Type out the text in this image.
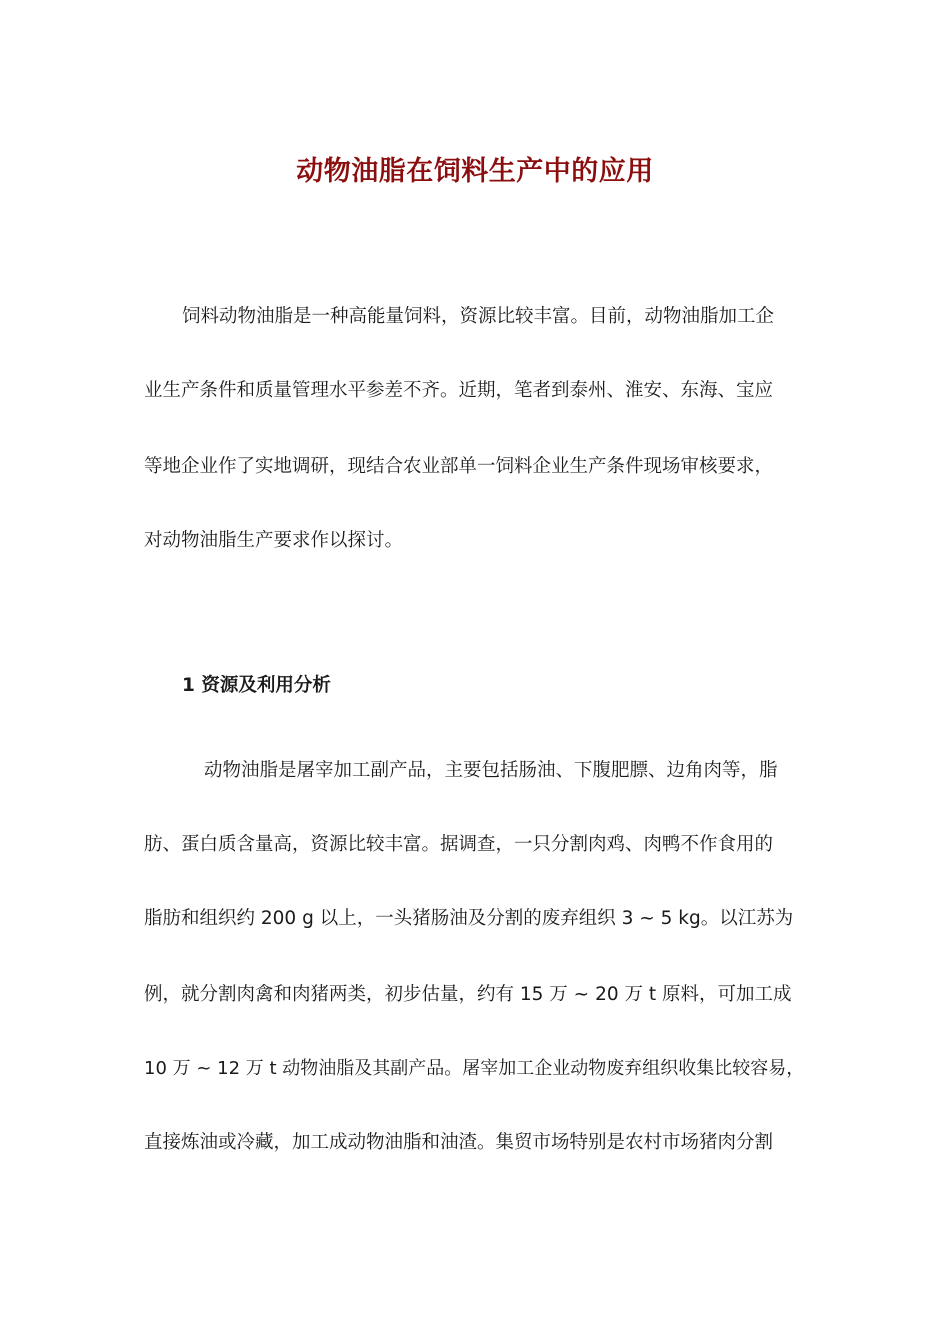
动物油脂在饲料生产中的应用
饲料动物油脂是一种高能量饲料，资源比较丰富。目前，动物油脂加工企
业生产条件和质量管理水平参差不齐。近期，笔者到泰州、淮安、东海、宝应
等地企业作了实地调研，现结合农业部单一饲料企业生产条件现场审核要求，
对动物油脂生产要求作以探讨。
1 资源及利用分析
动物油脂是屠宰加工副产品，主要包括肠油、下腹肥膘、边角肉等，脂
肪、蛋白质含量高，资源比较丰富。据调查，一只分割肉鸡、肉鸭不作食用的
脂肪和组织约 200 g 以上，一头猪肠油及分割的废弃组织 3 ~ 5 kg。以江苏为
例，就分割肉禽和肉猪两类，初步估量，约有 15 万 ~ 20 万 t 原料，可加工成
10 万 ~ 12 万 t 动物油脂及其副产品。屠宰加工企业动物废弃组织收集比较容易，
直接炼油或冷藏，加工成动物油脂和油渣。集贸市场特别是农村市场猪肉分割
